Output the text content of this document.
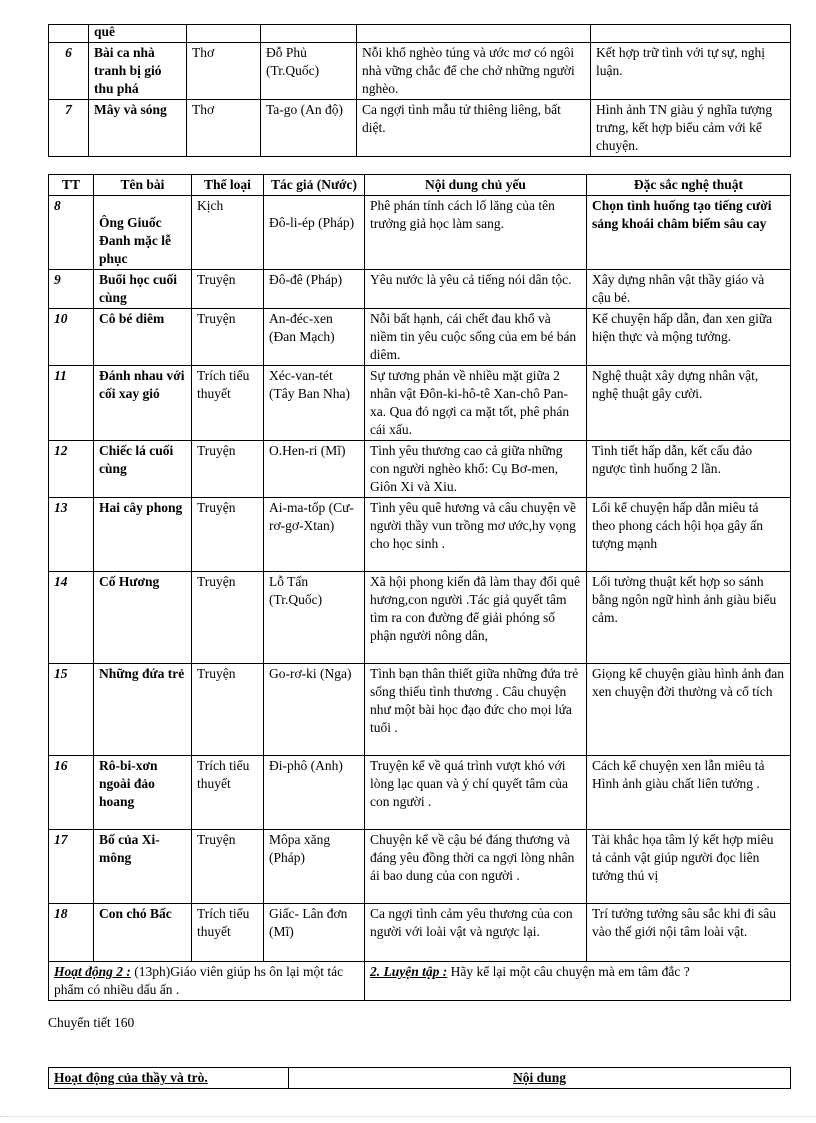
	quê				
6	Bài ca nhà tranh bị gió thu phá	Thơ	Đỗ Phủ (Tr.Quốc)	Nỗi khổ nghèo túng và ước mơ có ngôi nhà vững chắc để che chở những người nghèo.	Kết hợp trữ tình với tự sự, nghị luận.
7	Mây và sóng	Thơ	Ta-go (An độ)	Ca ngợi tình mẫu tử thiêng liêng, bất diệt.	Hình ảnh TN giàu ý nghĩa tượng trưng, kết hợp biểu cảm với kể chuyện.
TT	Tên bài	Thể loại	Tác giả (Nước)	Nội dung chủ yếu	Đặc sắc nghệ thuật
8	Ông Giuốc Đanh mặc lễ phục	Kịch	Đô-li-ép (Pháp)	Phê phán tính cách lố lăng của tên trưởng giả học làm sang.	Chọn tình huống tạo tiếng cười sảng khoái châm biếm sâu cay
9	Buổi học cuối cùng	Truyện	Đô-đê (Pháp)	Yêu nước là yêu cả tiếng nói dân tộc.	Xây dựng nhân vật thầy giáo và cậu bé.
10	Cô bé diêm	Truyện	An-đéc-xen (Đan Mạch)	Nỗi bất hạnh, cái chết đau khổ và niềm tin yêu cuộc sống của em bé bán diêm.	Kể chuyện hấp dẫn, đan xen giữa hiện thực và mộng tưởng.
11	Đánh nhau với cối xay gió	Trích tiểu thuyết	Xéc-van-tét (Tây Ban Nha)	Sự tương phản về nhiều mặt giữa 2 nhân vật Đôn-ki-hô-tê Xan-chô Pan-xa. Qua đó ngợi ca mặt tốt, phê phán cái xấu.	Nghệ thuật xây dựng nhân vật, nghệ thuật gây cười.
12	Chiếc lá cuối cùng	Truyện	O.Hen-ri (Mĩ)	Tình yêu thương cao cả giữa những con người nghèo khổ: Cụ Bơ-men, Giôn Xi và Xiu.	Tình tiết hấp dẫn, kết cấu đảo ngược tình huống 2 lần.
13	Hai cây phong	Truyện	Ai-ma-tốp (Cư-rơ-gơ-Xtan)	Tình yêu quê hương và câu chuyện về người thầy vun trồng mơ ước,hy vọng cho học sinh .	Lối kể chuyện hấp dẫn miêu tả theo phong cách hội họa gây ấn tượng mạnh
14	Cố Hương	Truyện	Lỗ Tấn (Tr.Quốc)	Xã hội phong kiến đã làm thay đổi quê hương,con người .Tác giả quyết tâm tìm ra con đường để giải phóng số phận người nông dân,	Lối tường thuật kết hợp so sánh bằng ngôn ngữ hình ảnh giàu biểu cảm.
15	Những đứa trẻ	Truyện	Go-rơ-ki (Nga)	Tình bạn thân thiết giữa những đứa trẻ sống thiếu tình thương . Câu chuyện như một bài học đạo đức cho mọi lứa tuổi .	Giọng kể chuyện giàu hình ảnh đan xen chuyện đời thường và cổ tích
16	Rô-bi-xơn ngoài đảo hoang	Trích tiểu thuyết	Đi-phô (Anh)	Truyện kể về quá trình vượt khó với lòng lạc quan và ý chí quyết tâm của con người .	Cách kể chuyện xen lẫn miêu tả Hình ảnh giàu chất liên tưởng .
17	Bố của Xi-mông	Truyện	Môpa xăng (Pháp)	Chuyện kể về cậu bé đáng thương và đáng yêu đồng thời ca ngợi lòng nhân ái bao dung của con người .	Tài khắc họa tâm lý kết hợp miêu tả cảnh vật giúp người đọc liên tưởng thú vị
18	Con chó Bấc	Trích tiểu thuyết	Giấc- Lân đơn (Mĩ)	Ca ngợi tình cảm yêu thương của con người với loài vật và ngược lại.	Trí tưởng tưởng sâu sắc khi đi sâu vào thế giới nội tâm loài vật.
Hoạt động 2 : (13ph)Giáo viên giúp hs ôn lại một tác phẩm có nhiều dấu ấn .				2. Luyện tập : Hãy kể lại một câu chuyện mà em tâm đắc ?	
Chuyển tiết 160
Hoạt động của thầy và trò.	Nội dung
